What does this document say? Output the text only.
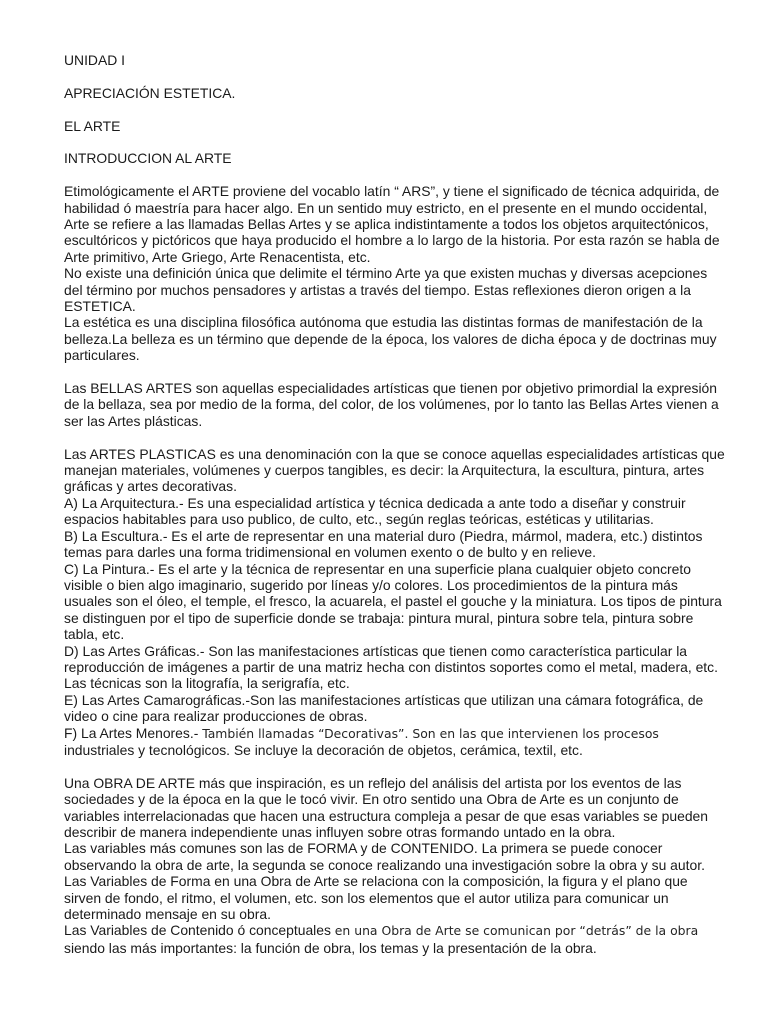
UNIDAD I

APRECIACIÓN ESTETICA.

EL ARTE

INTRODUCCION AL ARTE

Etimológicamente el ARTE proviene del vocablo latín “ ARS”, y tiene el significado de técnica adquirida, de habilidad ó maestría para hacer algo. En un sentido muy estricto, en el presente en el mundo occidental, Arte se refiere a las llamadas Bellas Artes y se aplica indistintamente a todos los objetos arquitectónicos, escultóricos y pictóricos que haya producido el hombre a lo largo de la historia. Por esta razón se habla de Arte primitivo, Arte Griego, Arte Renacentista, etc.

No existe una definición única que delimite el término Arte ya que existen muchas y diversas acepciones del término por muchos pensadores y artistas a través del tiempo. Estas reflexiones dieron origen a la ESTETICA.

La estética es una disciplina filosófica autónoma que estudia las distintas formas de manifestación de la belleza.La belleza es un término que depende de la época, los valores de dicha época y de doctrinas muy particulares.

Las BELLAS ARTES son aquellas especialidades artísticas que tienen por objetivo primordial la expresión de la bellaza, sea por medio de la forma, del color, de los volúmenes, por lo tanto las Bellas Artes vienen a ser las Artes plásticas.

Las ARTES PLASTICAS es una denominación con la que se conoce aquellas especialidades artísticas que manejan materiales, volúmenes y cuerpos tangibles, es decir: la Arquitectura, la escultura, pintura, artes gráficas y artes decorativas.

A) La Arquitectura.- Es una especialidad artística y técnica dedicada a ante todo a diseñar y construir espacios habitables para uso publico, de culto, etc., según reglas teóricas, estéticas y utilitarias.

B) La Escultura.- Es el arte de representar en una material duro (Piedra, mármol, madera, etc.) distintos temas para darles una forma tridimensional en volumen exento o de bulto y en relieve.

C) La Pintura.- Es el arte y la técnica de representar en una superficie plana cualquier objeto concreto visible o bien algo imaginario, sugerido por líneas y/o colores. Los procedimientos de la pintura más usuales son el óleo, el temple, el fresco, la acuarela, el pastel el gouche y la miniatura. Los tipos de pintura se distinguen por el tipo de superficie donde se trabaja: pintura mural, pintura sobre tela, pintura sobre tabla, etc.

D) Las Artes Gráficas.- Son las manifestaciones artísticas que tienen como característica particular la reproducción de imágenes a partir de una matriz hecha con distintos soportes como el metal, madera, etc. Las técnicas son la litografía, la serigrafía, etc.

E) Las Artes Camarográficas.-Son las manifestaciones artísticas que utilizan una cámara fotográfica, de video o cine para realizar producciones de obras.

F) La Artes Menores.- También llamadas “Decorativas”. Son en las que intervienen los procesos industriales y tecnológicos. Se incluye la decoración de objetos, cerámica, textil, etc.

Una OBRA DE ARTE más que inspiración, es un reflejo del análisis del artista por los eventos de las sociedades y de la época en la que le tocó vivir. En otro sentido una Obra de Arte es un conjunto de variables interrelacionadas que hacen una estructura compleja a pesar de que esas variables se pueden describir de manera independiente unas influyen sobre otras formando untado en la obra.

Las variables más comunes son las de FORMA y de CONTENIDO. La primera se puede conocer observando la obra de arte, la segunda se conoce realizando una investigación sobre la obra y su autor.

Las Variables de Forma en una Obra de Arte se relaciona con la composición, la figura y el plano que sirven de fondo, el ritmo, el volumen, etc. son los elementos que el autor utiliza para comunicar un determinado mensaje en su obra.

Las Variables de Contenido ó conceptuales en una Obra de Arte se comunican por “detrás” de la obra siendo las más importantes: la función de obra, los temas y la presentación de la obra.
